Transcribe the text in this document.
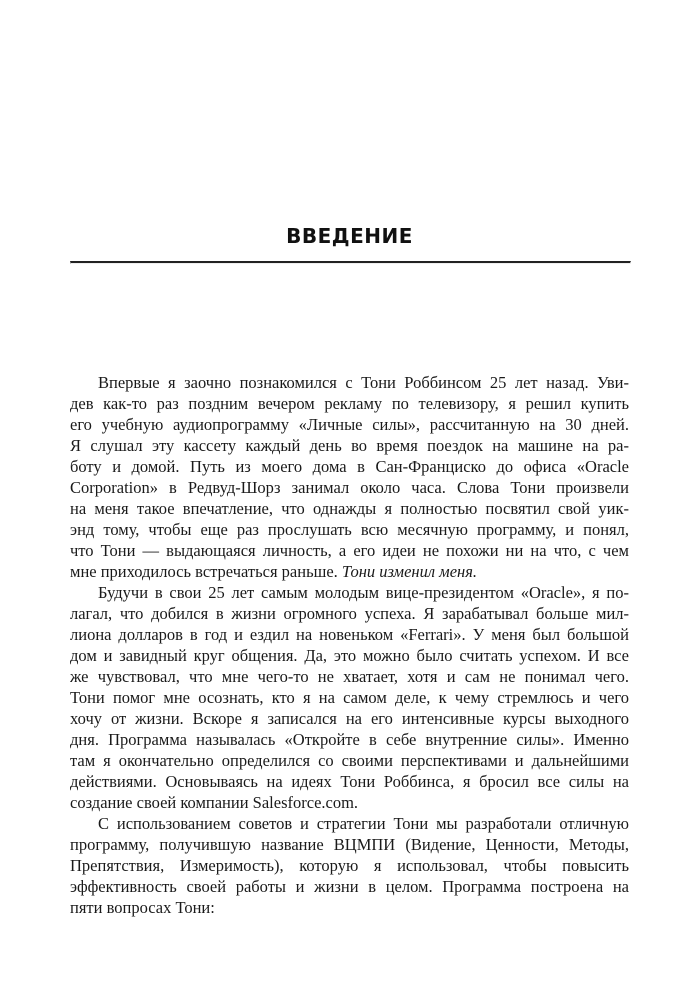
ВВЕДЕНИЕ
Впервые я заочно познакомился с Тони Роббинсом 25 лет назад. Уви-
дев как-то раз поздним вечером рекламу по телевизору, я решил купить
его учебную аудиопрограмму «Личные силы», рассчитанную на 30 дней.
Я слушал эту кассету каждый день во время поездок на машине на ра-
боту и домой. Путь из моего дома в Сан-Франциско до офиса «Oracle
Corporation» в Редвуд-Шорз занимал около часа. Слова Тони произвели
на меня такое впечатление, что однажды я полностью посвятил свой уик-
энд тому, чтобы еще раз прослушать всю месячную программу, и понял,
что Тони — выдающаяся личность, а его идеи не похожи ни на что, с чем
мне приходилось встречаться раньше. Тони изменил меня.
Будучи в свои 25 лет самым молодым вице-президентом «Oracle», я по-
лагал, что добился в жизни огромного успеха. Я зарабатывал больше мил-
лиона долларов в год и ездил на новеньком «Ferrari». У меня был большой
дом и завидный круг общения. Да, это можно было считать успехом. И все
же чувствовал, что мне чего-то не хватает, хотя и сам не понимал чего.
Тони помог мне осознать, кто я на самом деле, к чему стремлюсь и чего
хочу от жизни. Вскоре я записался на его интенсивные курсы выходного
дня. Программа называлась «Откройте в себе внутренние силы». Именно
там я окончательно определился со своими перспективами и дальнейшими
действиями. Основываясь на идеях Тони Роббинса, я бросил все силы на
создание своей компании Salesforce.com.
С использованием советов и стратегии Тони мы разработали отличную
программу, получившую название ВЦМПИ (Видение, Ценности, Методы,
Препятствия, Измеримость), которую я использовал, чтобы повысить
эффективность своей работы и жизни в целом. Программа построена на
пяти вопросах Тони:
